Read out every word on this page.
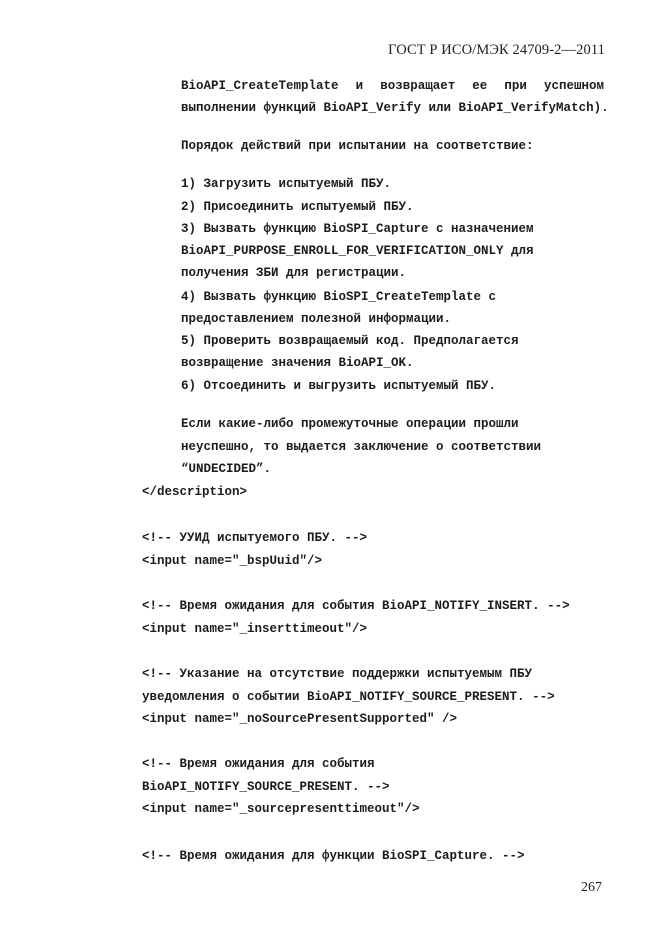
ГОСТ Р ИСО/МЭК 24709-2—2011
BioAPI_CreateTemplate и возвращает ее при успешном
выполнении функций BioAPI_Verify или BioAPI_VerifyMatch).
Порядок действий при испытании на соответствие:
1) Загрузить испытуемый ПБУ.
2) Присоединить испытуемый ПБУ.
3) Вызвать функцию BioSPI_Capture с назначением
BioAPI_PURPOSE_ENROLL_FOR_VERIFICATION_ONLY для
получения ЗБИ для регистрации.
4) Вызвать функцию BioSPI_CreateTemplate с
предоставлением полезной информации.
5) Проверить возвращаемый код. Предполагается
возвращение значения BioAPI_OK.
6) Отсоединить и выгрузить испытуемый ПБУ.
Если какие-либо промежуточные операции прошли
неуспешно, то выдается заключение о соответствии
“UNDECIDED”.
</description>
<!-- УУИД испытуемого ПБУ. -->
<input name="_bspUuid"/>
<!-- Время ожидания для события BioAPI_NOTIFY_INSERT. -->
<input name="_inserttimeout"/>
<!-- Указание на отсутствие поддержки испытуемым ПБУ
уведомления о событии BioAPI_NOTIFY_SOURCE_PRESENT. -->
<input name="_noSourcePresentSupported" />
<!-- Время ожидания для события
BioAPI_NOTIFY_SOURCE_PRESENT. -->
<input name="_sourcepresenttimeout"/>
<!-- Время ожидания для функции BioSPI_Capture. -->
267
